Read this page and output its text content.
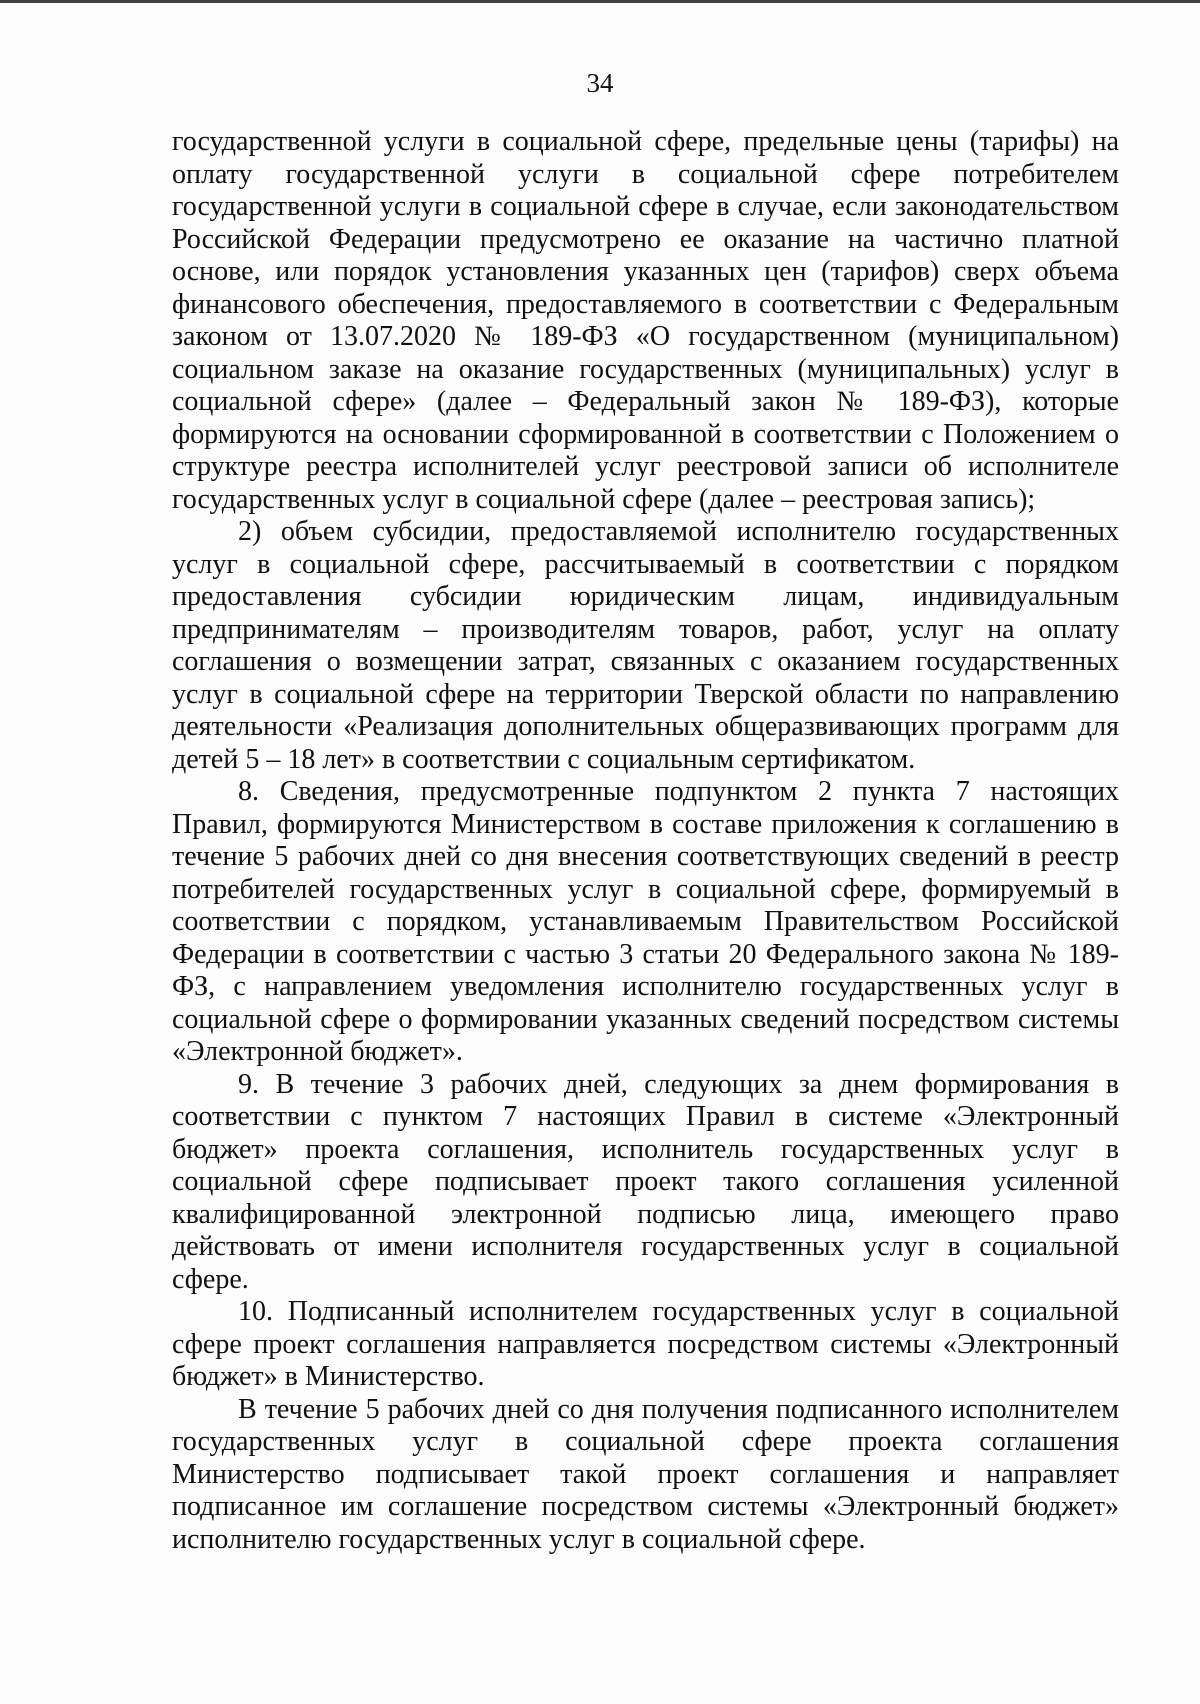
34

государственной услуги в социальной сфере, предельные цены (тарифы) на оплату государственной услуги в социальной сфере потребителем государственной услуги в социальной сфере в случае, если законодательством Российской Федерации предусмотрено ее оказание на частично платной основе, или порядок установления указанных цен (тарифов) сверх объема финансового обеспечения, предоставляемого в соответствии с Федеральным законом от 13.07.2020 № 189-ФЗ «О государственном (муниципальном) социальном заказе на оказание государственных (муниципальных) услуг в социальной сфере» (далее – Федеральный закон № 189-ФЗ), которые формируются на основании сформированной в соответствии с Положением о структуре реестра исполнителей услуг реестровой записи об исполнителе государственных услуг в социальной сфере (далее – реестровая запись);

2) объем субсидии, предоставляемой исполнителю государственных услуг в социальной сфере, рассчитываемый в соответствии с порядком предоставления субсидии юридическим лицам, индивидуальным предпринимателям – производителям товаров, работ, услуг на оплату соглашения о возмещении затрат, связанных с оказанием государственных услуг в социальной сфере на территории Тверской области по направлению деятельности «Реализация дополнительных общеразвивающих программ для детей 5 – 18 лет» в соответствии с социальным сертификатом.

8. Сведения, предусмотренные подпунктом 2 пункта 7 настоящих Правил, формируются Министерством в составе приложения к соглашению в течение 5 рабочих дней со дня внесения соответствующих сведений в реестр потребителей государственных услуг в социальной сфере, формируемый в соответствии с порядком, устанавливаемым Правительством Российской Федерации в соответствии с частью 3 статьи 20 Федерального закона № 189-ФЗ, с направлением уведомления исполнителю государственных услуг в социальной сфере о формировании указанных сведений посредством системы «Электронной бюджет».

9. В течение 3 рабочих дней, следующих за днем формирования в соответствии с пунктом 7 настоящих Правил в системе «Электронный бюджет» проекта соглашения, исполнитель государственных услуг в социальной сфере подписывает проект такого соглашения усиленной квалифицированной электронной подписью лица, имеющего право действовать от имени исполнителя государственных услуг в социальной сфере.

10. Подписанный исполнителем государственных услуг в социальной сфере проект соглашения направляется посредством системы «Электронный бюджет» в Министерство.

В течение 5 рабочих дней со дня получения подписанного исполнителем государственных услуг в социальной сфере проекта соглашения Министерство подписывает такой проект соглашения и направляет подписанное им соглашение посредством системы «Электронный бюджет» исполнителю государственных услуг в социальной сфере.
